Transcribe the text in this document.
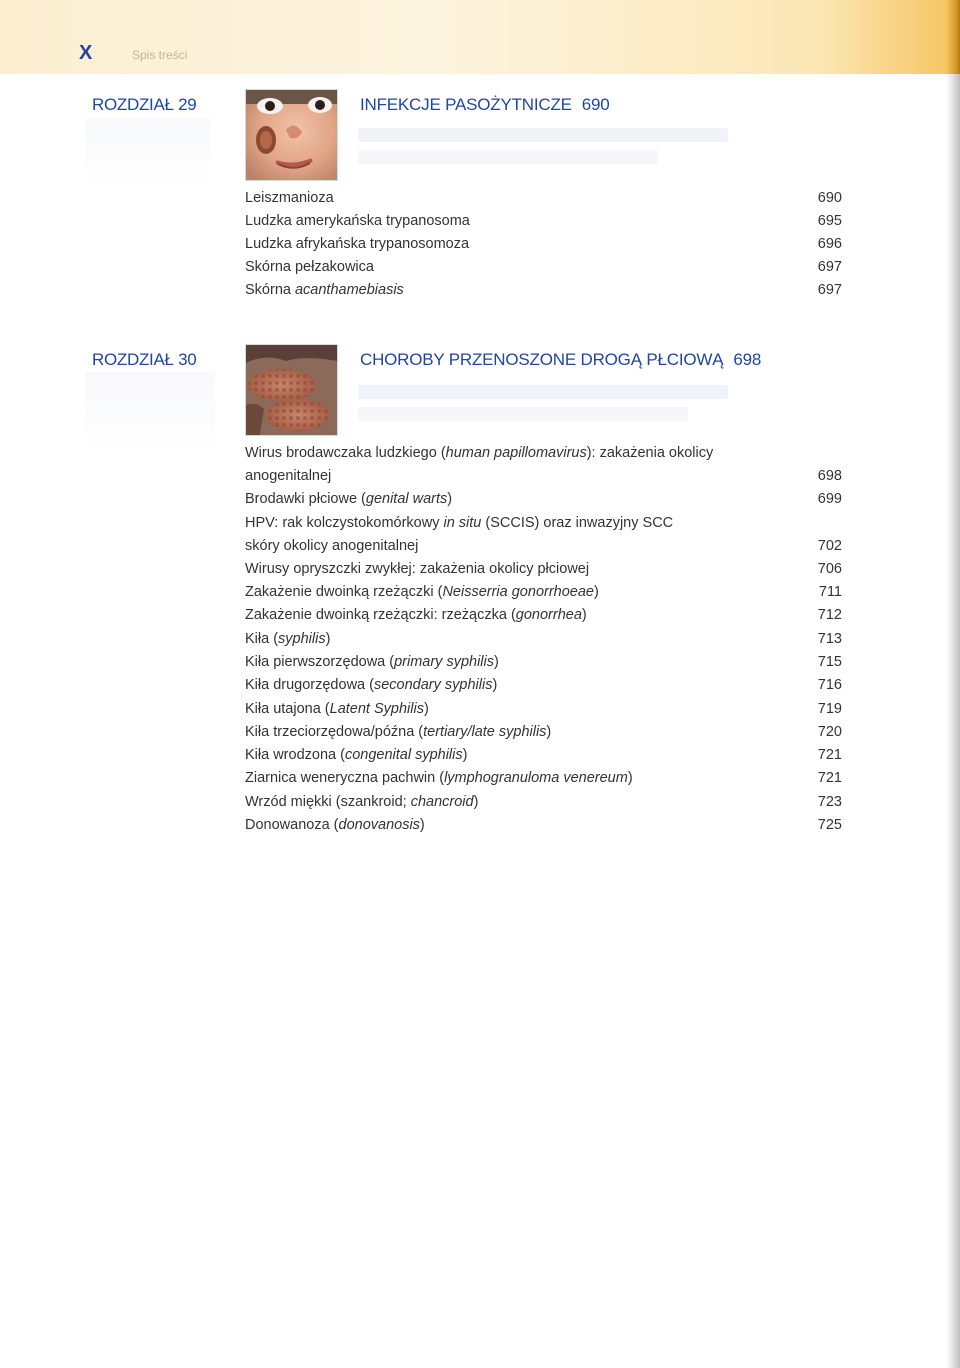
X	Spis treści
ROZDZIAŁ 29	INFEKCJE PASOŻYTNICZE 690
Leiszmanioza	690
Ludzka amerykańska trypanosoma	695
Ludzka afrykańska trypanosomoza	696
Skórna pełzakowica	697
Skórna acanthamebiasis	697
ROZDZIAŁ 30	CHOROBY PRZENOSZONE DROGĄ PŁCIOWĄ 698
Wirus brodawczaka ludzkiego (human papillomavirus): zakażenia okolicy
anogenitalnej	698
Brodawki płciowe (genital warts)	699
HPV: rak kolczystokomórkowy in situ (SCCIS) oraz inwazyjny SCC
skóry okolicy anogenitalnej	702
Wirusy opryszczki zwykłej: zakażenia okolicy płciowej	706
Zakażenie dwoinką rzeżączki (Neisserria gonorrhoeae)	711
Zakażenie dwoinką rzeżączki: rzeżączka (gonorrhea)	712
Kiła (syphilis)	713
Kiła pierwszorzędowa (primary syphilis)	715
Kiła drugorzędowa (secondary syphilis)	716
Kiła utajona (Latent Syphilis)	719
Kiła trzeciorzędowa/późna (tertiary/late syphilis)	720
Kiła wrodzona (congenital syphilis)	721
Ziarnica weneryczna pachwin (lymphogranuloma venereum)	721
Wrzód miękki (szankroid; chancroid)	723
Donowanoza (donovanosis)	725
